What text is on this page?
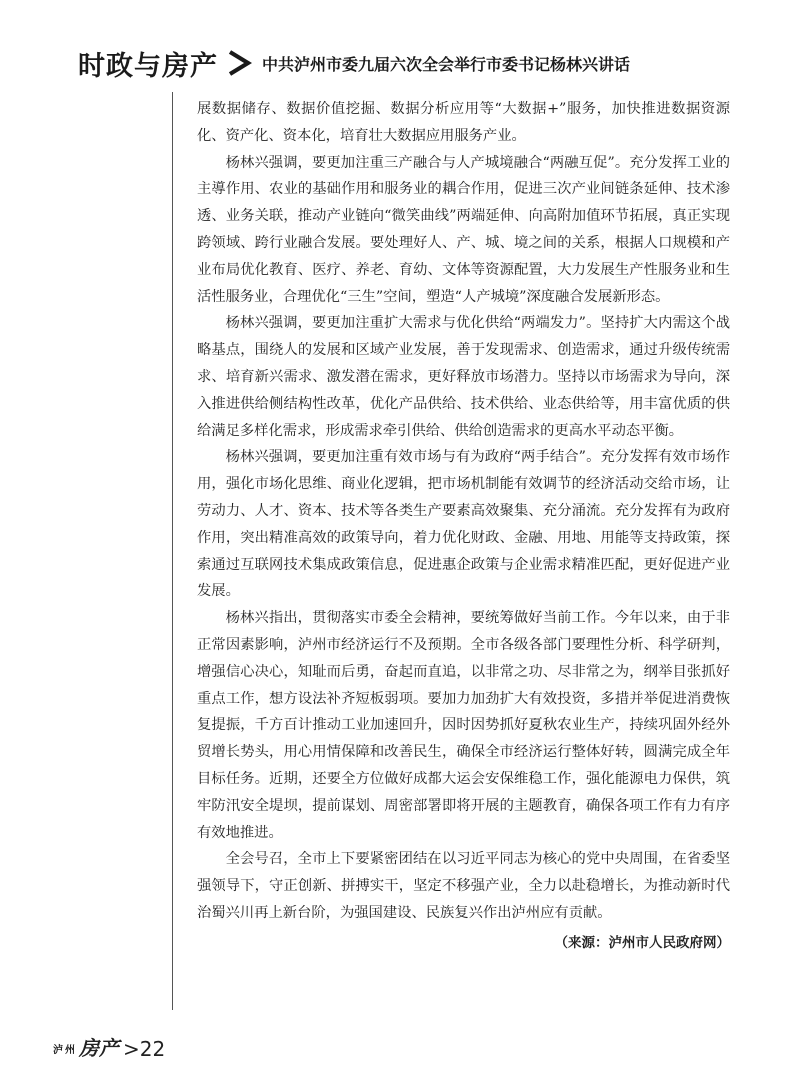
时政与房产	中共泸州市委九届六次全会举行市委书记杨林兴讲话

展数据储存、数据价值挖掘、数据分析应用等“大数据+”服务，加快推进数据资源化、资产化、资本化，培育壮大数据应用服务产业。

杨林兴强调，要更加注重三产融合与人产城境融合“两融互促”。充分发挥工业的主導作用、农业的基础作用和服务业的耦合作用，促进三次产业间链条延伸、技术渗透、业务关联，推动产业链向“微笑曲线”两端延伸、向高附加值环节拓展，真正实现跨领域、跨行业融合发展。要处理好人、产、城、境之间的关系，根据人口规模和产业布局优化教育、医疗、养老、育幼、文体等资源配置，大力发展生产性服务业和生活性服务业，合理优化“三生”空间，塑造“人产城境”深度融合发展新形态。

杨林兴强调，要更加注重扩大需求与优化供给“两端发力”。坚持扩大内需这个战略基点，围绕人的发展和区域产业发展，善于发现需求、创造需求，通过升级传统需求、培育新兴需求、激发潜在需求，更好释放市场潜力。坚持以市场需求为导向，深入推进供给侧结构性改革，优化产品供给、技术供给、业态供给等，用丰富优质的供给满足多样化需求，形成需求牵引供给、供给创造需求的更高水平动态平衡。

杨林兴强调，要更加注重有效市场与有为政府“两手结合”。充分发挥有效市场作用，强化市场化思维、商业化逻辑，把市场机制能有效调节的经济活动交给市场，让劳动力、人才、资本、技术等各类生产要素高效聚集、充分涌流。充分发挥有为政府作用，突出精准高效的政策导向，着力优化财政、金融、用地、用能等支持政策，探索通过互联网技术集成政策信息，促进惠企政策与企业需求精准匹配，更好促进产业发展。

杨林兴指出，贯彻落实市委全会精神，要统筹做好当前工作。今年以来，由于非正常因素影响，泸州市经济运行不及预期。全市各级各部门要理性分析、科学研判，增强信心决心，知耻而后勇，奋起而直追，以非常之功、尽非常之为，纲举目张抓好重点工作，想方设法补齐短板弱项。要加力加劲扩大有效投资，多措并举促进消费恢复提振，千方百计推动工业加速回升，因时因势抓好夏秋农业生产，持续巩固外经外贸增长势头，用心用情保障和改善民生，确保全市经济运行整体好转，圆满完成全年目标任务。近期，还要全方位做好成都大运会安保维稳工作，强化能源电力保供，筑牢防汛安全堤坝，提前谋划、周密部署即将开展的主题教育，确保各项工作有力有序有效地推进。

全会号召，全市上下要紧密团结在以习近平同志为核心的党中央周围，在省委坚强领导下，守正创新、拼搏实干，坚定不移强产业，全力以赴稳增长，为推动新时代治蜀兴川再上新台阶，为强国建设、民族复兴作出泸州应有贡献。

（来源：泸州市人民政府网）

泸州 房产 >22
